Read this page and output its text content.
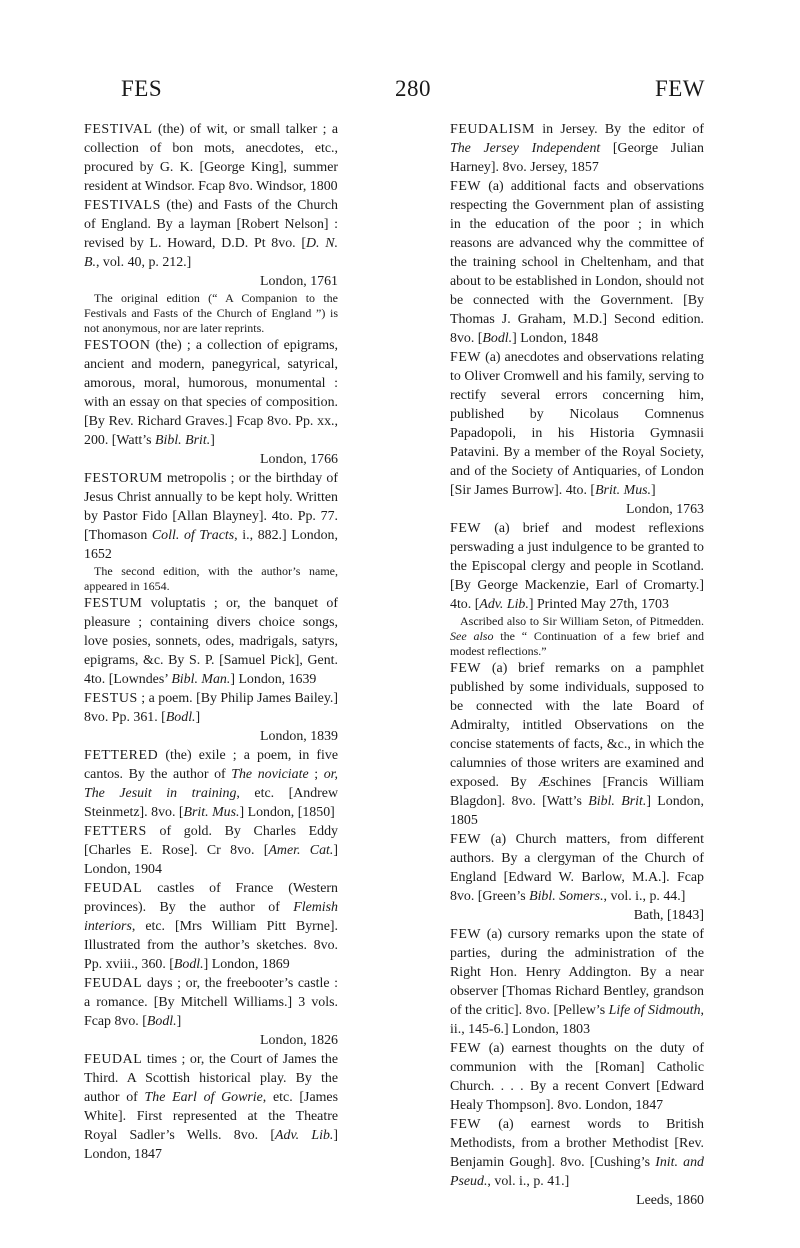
FES	280	FEW

FESTIVAL (the) of wit, or small talker ; a collection of bon mots, anecdotes, etc., procured by G. K. [George King], summer resident at Windsor. Fcap 8vo. Windsor, 1800

FESTIVALS (the) and Fasts of the Church of England. By a layman [Robert Nelson] : revised by L. Howard, D.D. Pt 8vo. [D. N. B., vol. 40, p. 212.]
London, 1761

The original edition (“ A Companion to the Festivals and Fasts of the Church of England ”) is not anonymous, nor are later reprints.

FESTOON (the) ; a collection of epigrams, ancient and modern, panegyrical, satyrical, amorous, moral, humorous, monumental : with an essay on that species of composition. [By Rev. Richard Graves.] Fcap 8vo. Pp. xx., 200. [Watt’s Bibl. Brit.]
London, 1766

FESTORUM metropolis ; or the birthday of Jesus Christ annually to be kept holy. Written by Pastor Fido [Allan Blayney]. 4to. Pp. 77. [Thomason Coll. of Tracts, i., 882.] London, 1652

The second edition, with the author’s name, appeared in 1654.

FESTUM voluptatis ; or, the banquet of pleasure ; containing divers choice songs, love posies, sonnets, odes, madrigals, satyrs, epigrams, &c. By S. P. [Samuel Pick], Gent. 4to. [Lowndes’ Bibl. Man.] London, 1639

FESTUS ; a poem. [By Philip James Bailey.] 8vo. Pp. 361. [Bodl.]
London, 1839

FETTERED (the) exile ; a poem, in five cantos. By the author of The noviciate ; or, The Jesuit in training, etc. [Andrew Steinmetz]. 8vo. [Brit. Mus.] London, [1850]

FETTERS of gold. By Charles Eddy [Charles E. Rose]. Cr 8vo. [Amer. Cat.] London, 1904

FEUDAL castles of France (Western provinces). By the author of Flemish interiors, etc. [Mrs William Pitt Byrne]. Illustrated from the author’s sketches. 8vo. Pp. xviii., 360. [Bodl.] London, 1869

FEUDAL days ; or, the freebooter’s castle : a romance. [By Mitchell Williams.] 3 vols. Fcap 8vo. [Bodl.]
London, 1826

FEUDAL times ; or, the Court of James the Third. A Scottish historical play. By the author of The Earl of Gowrie, etc. [James White]. First represented at the Theatre Royal Sadler’s Wells. 8vo. [Adv. Lib.] London, 1847

FEUDALISM in Jersey. By the editor of The Jersey Independent [George Julian Harney]. 8vo. Jersey, 1857

FEW (a) additional facts and observations respecting the Government plan of assisting in the education of the poor ; in which reasons are advanced why the committee of the training school in Cheltenham, and that about to be established in London, should not be connected with the Government. [By Thomas J. Graham, M.D.] Second edition. 8vo. [Bodl.] London, 1848

FEW (a) anecdotes and observations relating to Oliver Cromwell and his family, serving to rectify several errors concerning him, published by Nicolaus Comnenus Papadopoli, in his Historia Gymnasii Patavini. By a member of the Royal Society, and of the Society of Antiquaries, of London [Sir James Burrow]. 4to. [Brit. Mus.]
London, 1763

FEW (a) brief and modest reflexions perswading a just indulgence to be granted to the Episcopal clergy and people in Scotland. [By George Mackenzie, Earl of Cromarty.] 4to. [Adv. Lib.] Printed May 27th, 1703

Ascribed also to Sir William Seton, of Pitmedden. See also the “ Continuation of a few brief and modest reflections.”

FEW (a) brief remarks on a pamphlet published by some individuals, supposed to be connected with the late Board of Admiralty, intitled Observations on the concise statements of facts, &c., in which the calumnies of those writers are examined and exposed. By Æschines [Francis William Blagdon]. 8vo. [Watt’s Bibl. Brit.] London, 1805

FEW (a) Church matters, from different authors. By a clergyman of the Church of England [Edward W. Barlow, M.A.]. Fcap 8vo. [Green’s Bibl. Somers., vol. i., p. 44.]
Bath, [1843]

FEW (a) cursory remarks upon the state of parties, during the administration of the Right Hon. Henry Addington. By a near observer [Thomas Richard Bentley, grandson of the critic]. 8vo. [Pellew’s Life of Sidmouth, ii., 145-6.] London, 1803

FEW (a) earnest thoughts on the duty of communion with the [Roman] Catholic Church. . . . By a recent Convert [Edward Healy Thompson]. 8vo. London, 1847

FEW (a) earnest words to British Methodists, from a brother Methodist [Rev. Benjamin Gough]. 8vo. [Cushing’s Init. and Pseud., vol. i., p. 41.]
Leeds, 1860
